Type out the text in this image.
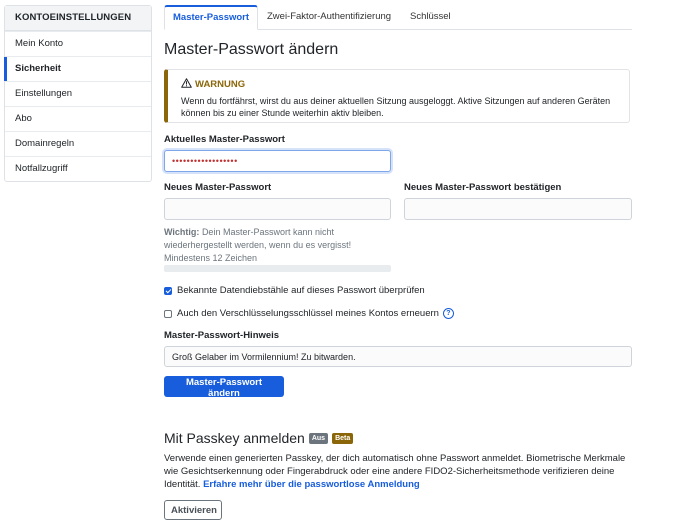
KONTOEINSTELLUNGEN
Mein Konto
Sicherheit
Einstellungen
Abo
Domainregeln
Notfallzugriff
Master-Passwort	Zwei-Faktor-Authentifizierung	Schlüssel
Master-Passwort ändern
WARNUNG
Wenn du fortfährst, wirst du aus deiner aktuellen Sitzung ausgeloggt. Aktive Sitzungen auf anderen Geräten können bis zu einer Stunde weiterhin aktiv bleiben.
Aktuelles Master-Passwort
••••••••••••••••••
Neues Master-Passwort	Neues Master-Passwort bestätigen
Wichtig: Dein Master-Passwort kann nicht wiederhergestellt werden, wenn du es vergisst!
Mindestens 12 Zeichen
Bekannte Datendiebstähle auf dieses Passwort überprüfen
Auch den Verschlüsselungsschlüssel meines Kontos erneuern	?
Master-Passwort-Hinweis
Groß Gelaber im Vormilennium! Zu bitwarden.
Master-Passwort ändern
Mit Passkey anmelden	Aus	Beta
Verwende einen generierten Passkey, der dich automatisch ohne Passwort anmeldet. Biometrische Merkmale wie Gesichtserkennung oder Fingerabdruck oder eine andere FIDO2-Sicherheitsmethode verifizieren deine Identität. Erfahre mehr über die passwortlose Anmeldung
Aktivieren
